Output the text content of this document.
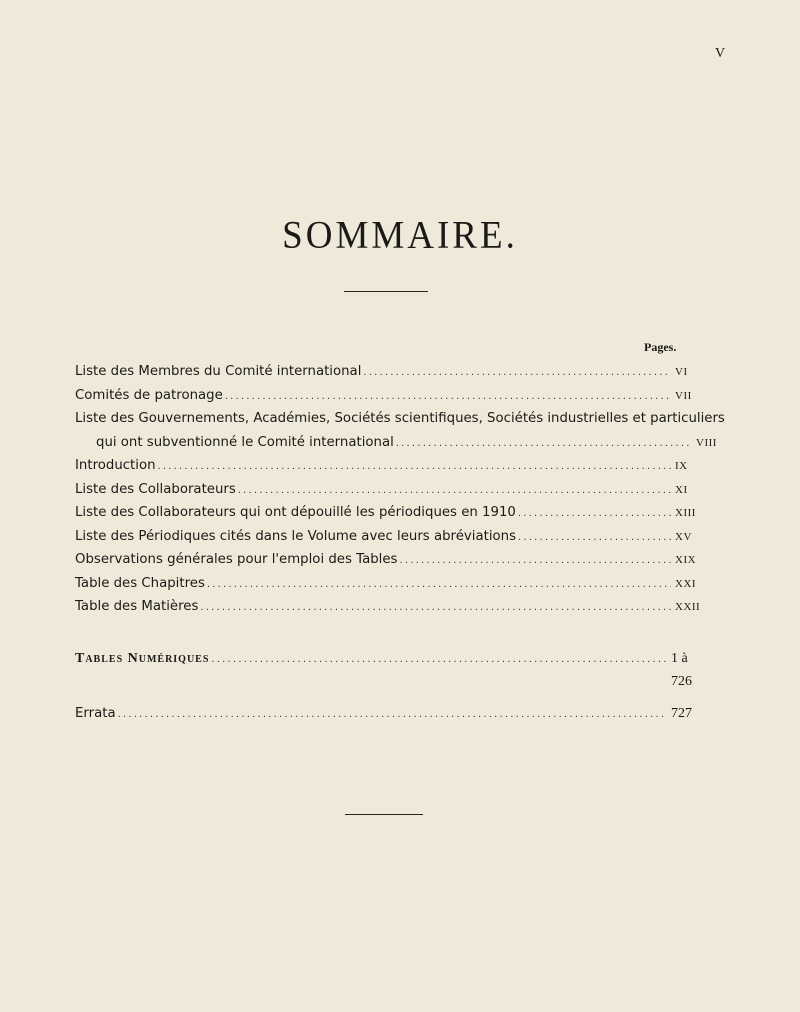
V
SOMMAIRE.
Pages.
Liste des Membres du Comité international .....	VI
Comités de patronage .....	VII
Liste des Gouvernements, Académies, Sociétés scientifiques, Sociétés industrielles et particuliers
qui ont subventionné le Comité international .....	VIII
Introduction .....	IX
Liste des Collaborateurs .....	XI
Liste des Collaborateurs qui ont dépouillé les périodiques en 1910 .....	XIII
Liste des Périodiques cités dans le Volume avec leurs abréviations .....	XV
Observations générales pour l'emploi des Tables .....	XIX
Table des Chapitres .....	XXI
Table des Matières .....	XXII
Tables Numériques .....	1 à 726
Errata .....	727
